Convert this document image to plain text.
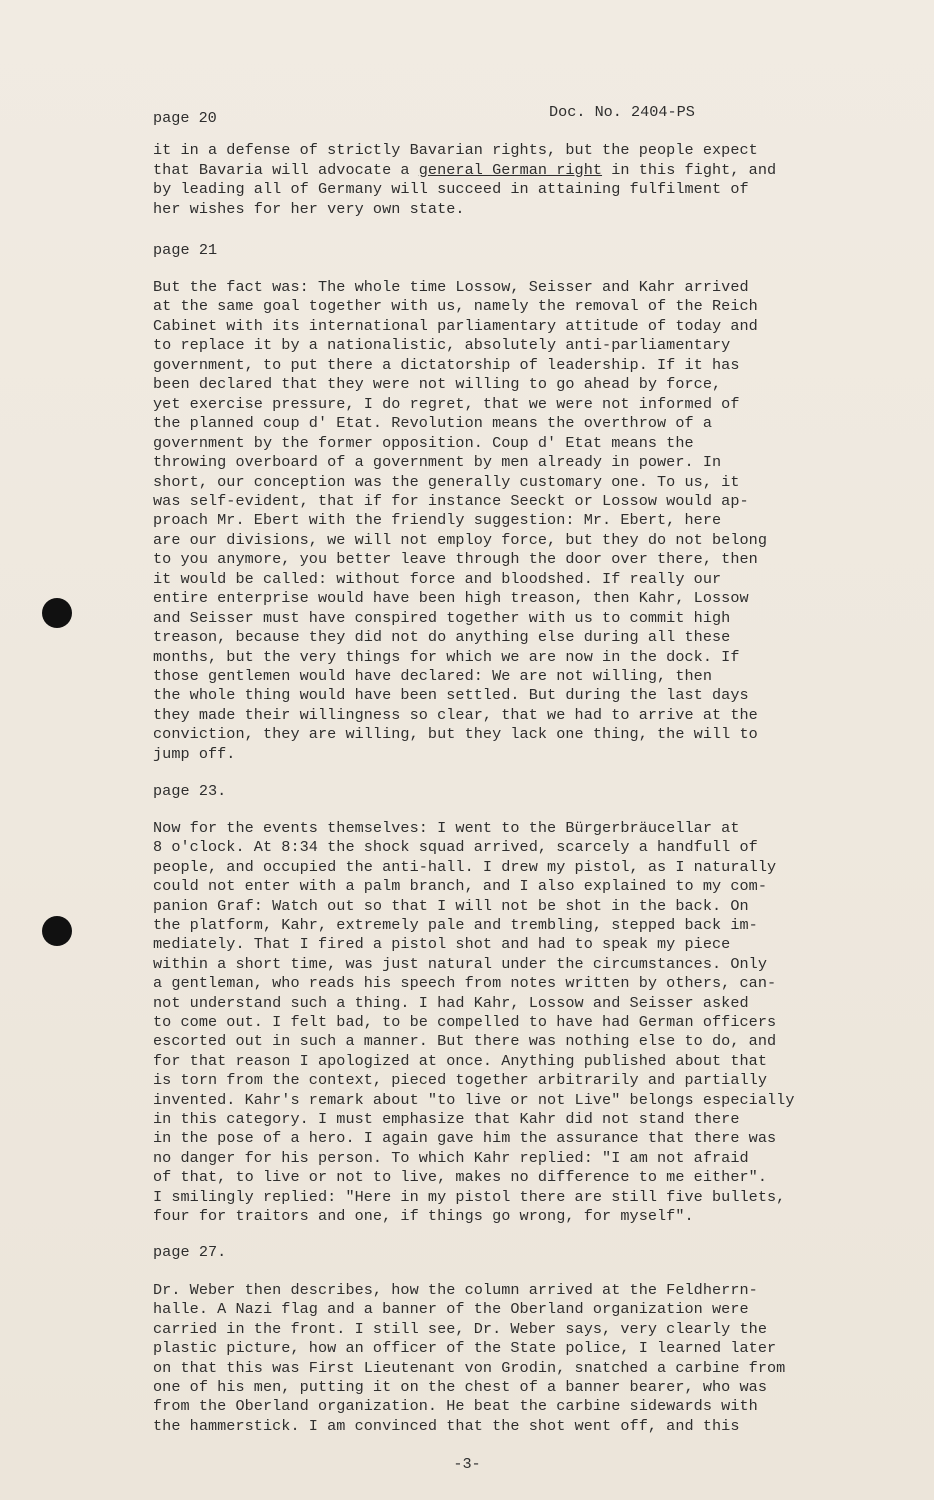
page 20	Doc. No. 2404-PS
it in a defense of strictly Bavarian rights, but the people expect
that Bavaria will advocate a general German right in this fight, and
by leading all of Germany will succeed in attaining fulfilment of
her wishes for her very own state.
page 21
But the fact was: The whole time Lossow, Seisser and Kahr arrived
at the same goal together with us, namely the removal of the Reich
Cabinet with its international parliamentary attitude of today and
to replace it by a nationalistic, absolutely anti-parliamentary
government, to put there a dictatorship of leadership. If it has
been declared that they were not willing to go ahead by force,
yet exercise pressure, I do regret, that we were not informed of
the planned coup d' Etat. Revolution means the overthrow of a
government by the former opposition. Coup d' Etat means the
throwing overboard of a government by men already in power. In
short, our conception was the generally customary one. To us, it
was self-evident, that if for instance Seeckt or Lossow would ap-
proach Mr. Ebert with the friendly suggestion: Mr. Ebert, here
are our divisions, we will not employ force, but they do not belong
to you anymore, you better leave through the door over there, then
it would be called: without force and bloodshed. If really our
entire enterprise would have been high treason, then Kahr, Lossow
and Seisser must have conspired together with us to commit high
treason, because they did not do anything else during all these
months, but the very things for which we are now in the dock. If
those gentlemen would have declared: We are not willing, then
the whole thing would have been settled. But during the last days
they made their willingness so clear, that we had to arrive at the
conviction, they are willing, but they lack one thing, the will to
jump off.
page 23.
Now for the events themselves: I went to the Bürgerbräucellar at
8 o'clock. At 8:34 the shock squad arrived, scarcely a handfull of
people, and occupied the anti-hall. I drew my pistol, as I naturally
could not enter with a palm branch, and I also explained to my com-
panion Graf: Watch out so that I will not be shot in the back. On
the platform, Kahr, extremely pale and trembling, stepped back im-
mediately. That I fired a pistol shot and had to speak my piece
within a short time, was just natural under the circumstances. Only
a gentleman, who reads his speech from notes written by others, can-
not understand such a thing. I had Kahr, Lossow and Seisser asked
to come out. I felt bad, to be compelled to have had German officers
escorted out in such a manner. But there was nothing else to do, and
for that reason I apologized at once. Anything published about that
is torn from the context, pieced together arbitrarily and partially
invented. Kahr's remark about "to live or not Live" belongs especially
in this category. I must emphasize that Kahr did not stand there
in the pose of a hero. I again gave him the assurance that there was
no danger for his person. To which Kahr replied: "I am not afraid
of that, to live or not to live, makes no difference to me either".
I smilingly replied: "Here in my pistol there are still five bullets,
four for traitors and one, if things go wrong, for myself".
page 27.
Dr. Weber then describes, how the column arrived at the Feldherrn-
halle. A Nazi flag and a banner of the Oberland organization were
carried in the front. I still see, Dr. Weber says, very clearly the
plastic picture, how an officer of the State police, I learned later
on that this was First Lieutenant von Grodin, snatched a carbine from
one of his men, putting it on the chest of a banner bearer, who was
from the Oberland organization. He beat the carbine sidewards with
the hammerstick. I am convinced that the shot went off, and this
-3-
